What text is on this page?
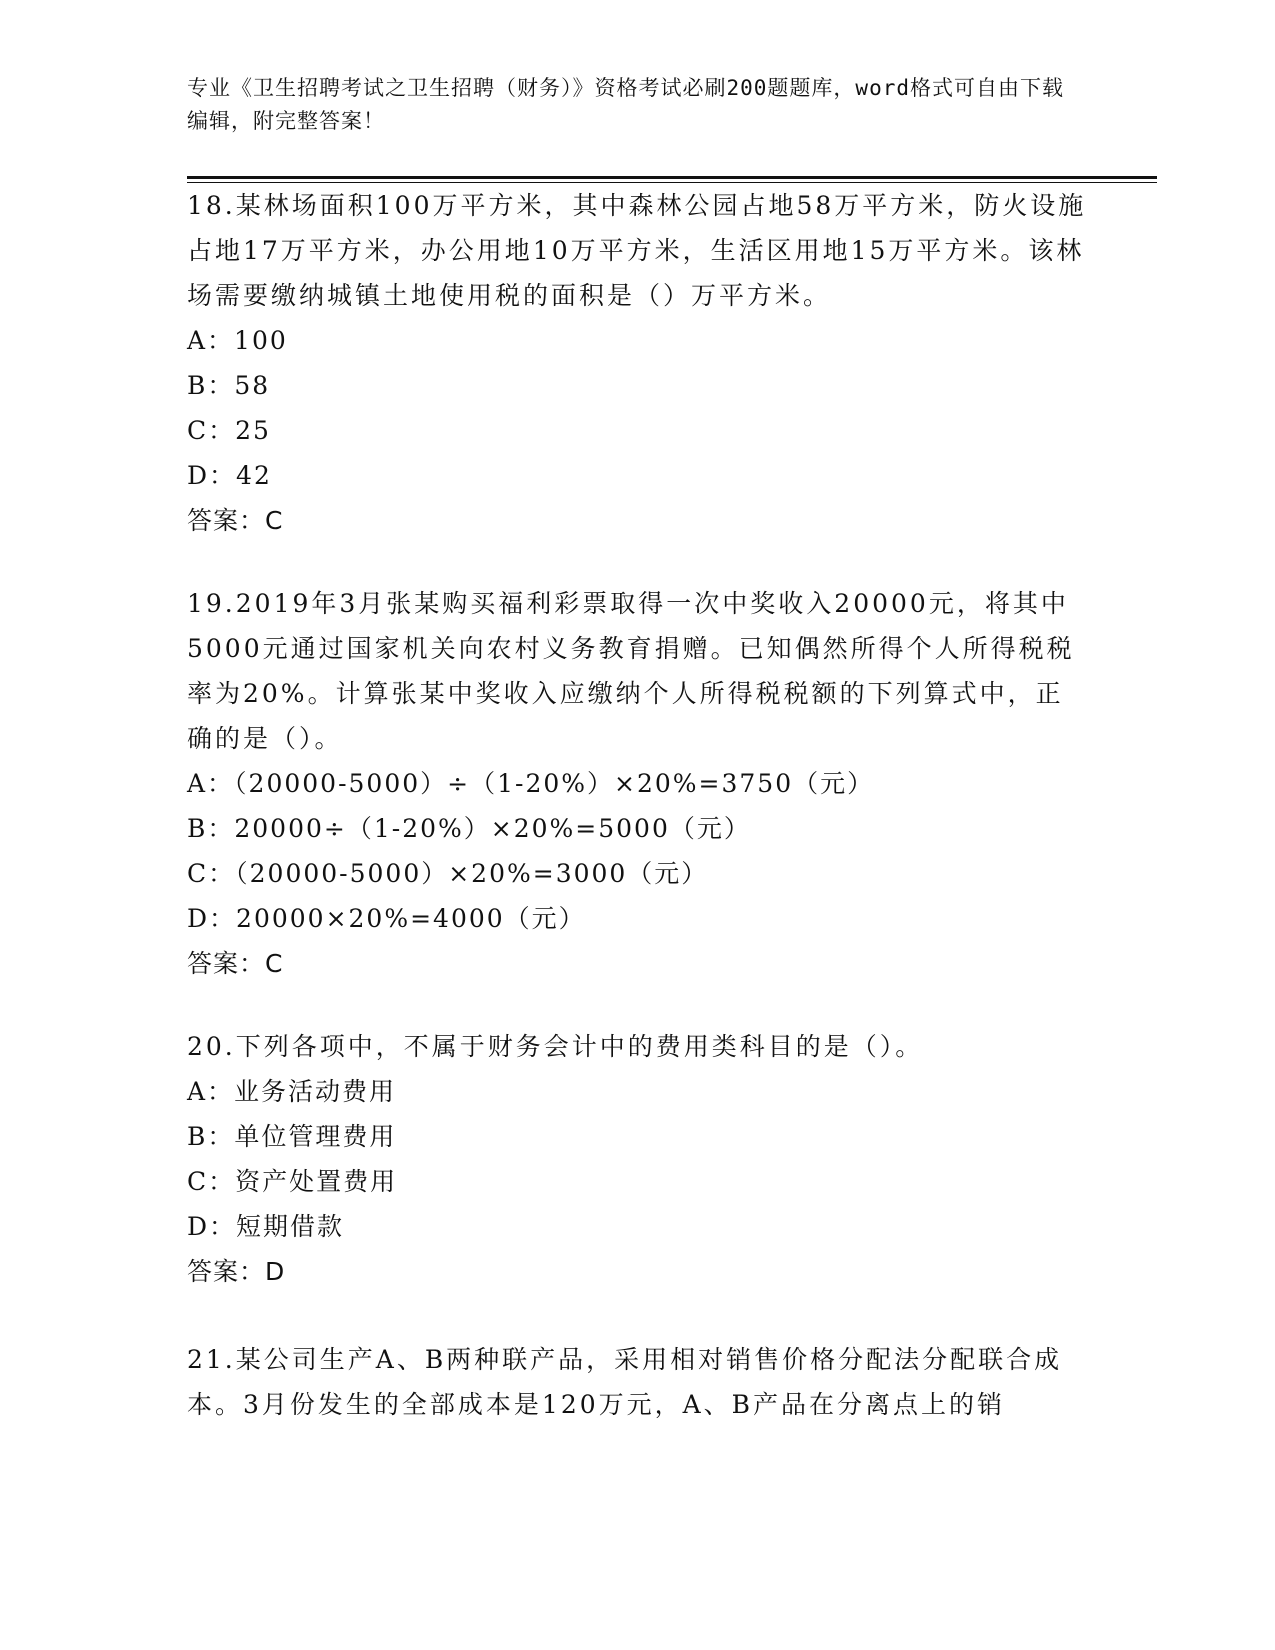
专业《卫生招聘考试之卫生招聘（财务）》资格考试必刷200题题库，word格式可自由下载编辑，附完整答案！
18.某林场面积100万平方米，其中森林公园占地58万平方米，防火设施占地17万平方米，办公用地10万平方米，生活区用地15万平方米。该林场需要缴纳城镇土地使用税的面积是（）万平方米。
A：100
B：58
C：25
D：42
答案：C
19.2019年3月张某购买福利彩票取得一次中奖收入20000元，将其中5000元通过国家机关向农村义务教育捐赠。已知偶然所得个人所得税税率为20%。计算张某中奖收入应缴纳个人所得税税额的下列算式中，正确的是（）。
A：（20000-5000）÷（1-20%）×20%=3750（元）
B：20000÷（1-20%）×20%=5000（元）
C：（20000-5000）×20%=3000（元）
D：20000×20%=4000（元）
答案：C
20.下列各项中，不属于财务会计中的费用类科目的是（）。
A：业务活动费用
B：单位管理费用
C：资产处置费用
D：短期借款
答案：D
21.某公司生产A、B两种联产品，采用相对销售价格分配法分配联合成本。3月份发生的全部成本是120万元，A、B产品在分离点上的销
